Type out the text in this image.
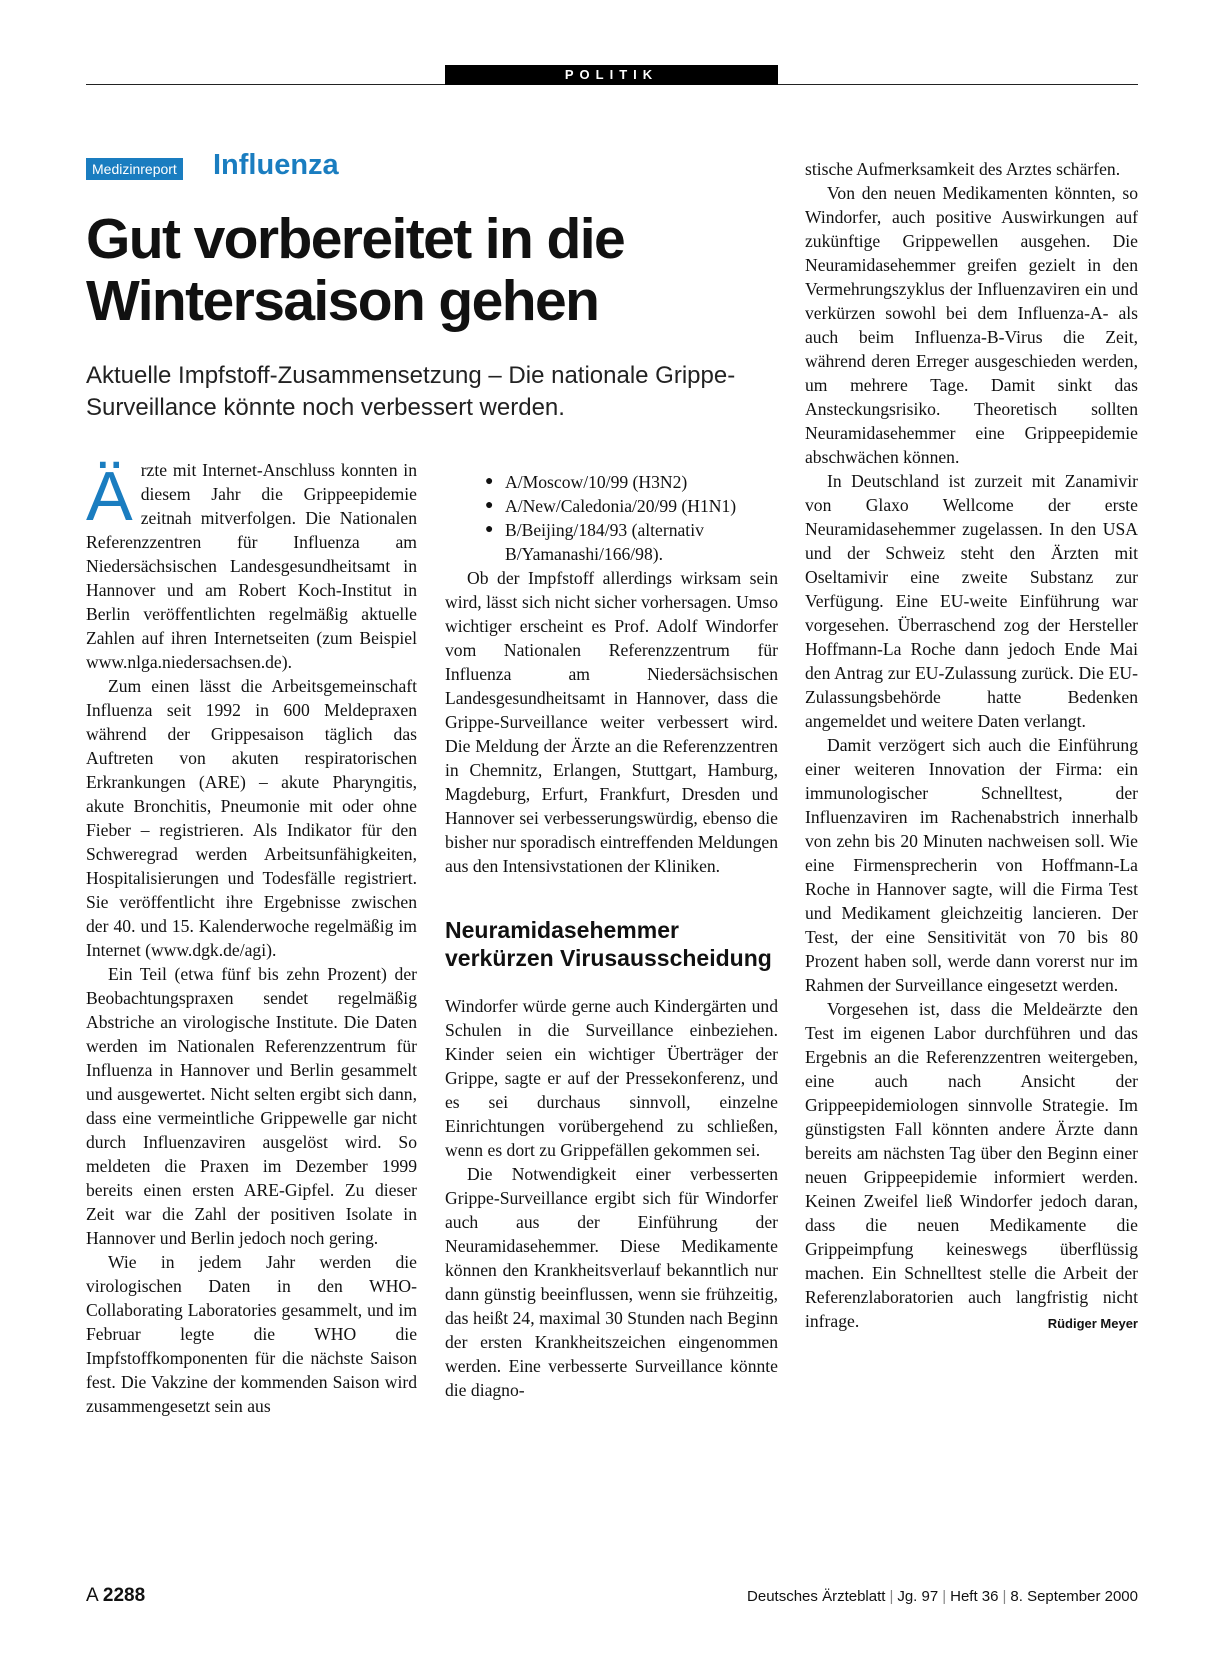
POLITIK
Medizinreport Influenza
Gut vorbereitet in die Wintersaison gehen

Aktuelle Impfstoff-Zusammensetzung – Die nationale Grippe-Surveillance könnte noch verbessert werden.

Ärzte mit Internet-Anschluss konnten in diesem Jahr die Grippeepidemie zeitnah mitverfolgen. Die Nationalen Referenzzentren für Influenza am Niedersächsischen Landesgesundheitsamt in Hannover und am Robert Koch-Institut in Berlin veröffentlichten regelmäßig aktuelle Zahlen auf ihren Internetseiten (zum Beispiel www.nlga.niedersachsen.de).

Zum einen lässt die Arbeitsgemeinschaft Influenza seit 1992 in 600 Meldepraxen während der Grippesaison täglich das Auftreten von akuten respiratorischen Erkrankungen (ARE) – akute Pharyngitis, akute Bronchitis, Pneumonie mit oder ohne Fieber – registrieren. Als Indikator für den Schweregrad werden Arbeitsunfähigkeiten, Hospitalisierungen und Todesfälle registriert. Sie veröffentlicht ihre Ergebnisse zwischen der 40. und 15. Kalenderwoche regelmäßig im Internet (www.dgk.de/agi).

Ein Teil (etwa fünf bis zehn Prozent) der Beobachtungspraxen sendet regelmäßig Abstriche an virologische Institute. Die Daten werden im Nationalen Referenzzentrum für Influenza in Hannover und Berlin gesammelt und ausgewertet. Nicht selten ergibt sich dann, dass eine vermeintliche Grippewelle gar nicht durch Influenzaviren ausgelöst wird. So meldeten die Praxen im Dezember 1999 bereits einen ersten ARE-Gipfel. Zu dieser Zeit war die Zahl der positiven Isolate in Hannover und Berlin jedoch noch gering.

Wie in jedem Jahr werden die virologischen Daten in den WHO-Collaborating Laboratories gesammelt, und im Februar legte die WHO die Impfstoffkomponenten für die nächste Saison fest. Die Vakzine der kommenden Saison wird zusammengesetzt sein aus

● A/Moscow/10/99 (H3N2)
● A/New/Caledonia/20/99 (H1N1)
● B/Beijing/184/93 (alternativ B/Yamanashi/166/98).

Ob der Impfstoff allerdings wirksam sein wird, lässt sich nicht sicher vorhersagen. Umso wichtiger erscheint es Prof. Adolf Windorfer vom Nationalen Referenzzentrum für Influenza am Niedersächsischen Landesgesundheitsamt in Hannover, dass die Grippe-Surveillance weiter verbessert wird. Die Meldung der Ärzte an die Referenzzentren in Chemnitz, Erlangen, Stuttgart, Hamburg, Magdeburg, Erfurt, Frankfurt, Dresden und Hannover sei verbesserungswürdig, ebenso die bisher nur sporadisch eintreffenden Meldungen aus den Intensivstationen der Kliniken.

Neuramidasehemmer verkürzen Virusausscheidung

Windorfer würde gerne auch Kindergärten und Schulen in die Surveillance einbeziehen. Kinder seien ein wichtiger Überträger der Grippe, sagte er auf der Pressekonferenz, und es sei durchaus sinnvoll, einzelne Einrichtungen vorübergehend zu schließen, wenn es dort zu Grippefällen gekommen sei.

Die Notwendigkeit einer verbesserten Grippe-Surveillance ergibt sich für Windorfer auch aus der Einführung der Neuramidasehemmer. Diese Medikamente können den Krankheitsverlauf bekanntlich nur dann günstig beeinflussen, wenn sie frühzeitig, das heißt 24, maximal 30 Stunden nach Beginn der ersten Krankheitszeichen eingenommen werden. Eine verbesserte Surveillance könnte die diagno-

stische Aufmerksamkeit des Arztes schärfen.

Von den neuen Medikamenten könnten, so Windorfer, auch positive Auswirkungen auf zukünftige Grippewellen ausgehen. Die Neuramidasehemmer greifen gezielt in den Vermehrungszyklus der Influenzaviren ein und verkürzen sowohl bei dem Influenza-A- als auch beim Influenza-B-Virus die Zeit, während deren Erreger ausgeschieden werden, um mehrere Tage. Damit sinkt das Ansteckungsrisiko. Theoretisch sollten Neuramidasehemmer eine Grippeepidemie abschwächen können.

In Deutschland ist zurzeit mit Zanamivir von Glaxo Wellcome der erste Neuramidasehemmer zugelassen. In den USA und der Schweiz steht den Ärzten mit Oseltamivir eine zweite Substanz zur Verfügung. Eine EU-weite Einführung war vorgesehen. Überraschend zog der Hersteller Hoffmann-La Roche dann jedoch Ende Mai den Antrag zur EU-Zulassung zurück. Die EU-Zulassungsbehörde hatte Bedenken angemeldet und weitere Daten verlangt.

Damit verzögert sich auch die Einführung einer weiteren Innovation der Firma: ein immunologischer Schnelltest, der Influenzaviren im Rachenabstrich innerhalb von zehn bis 20 Minuten nachweisen soll. Wie eine Firmensprecherin von Hoffmann-La Roche in Hannover sagte, will die Firma Test und Medikament gleichzeitig lancieren. Der Test, der eine Sensitivität von 70 bis 80 Prozent haben soll, werde dann vorerst nur im Rahmen der Surveillance eingesetzt werden.

Vorgesehen ist, dass die Meldeärzte den Test im eigenen Labor durchführen und das Ergebnis an die Referenzzentren weitergeben, eine auch nach Ansicht der Grippeepidemiologen sinnvolle Strategie. Im günstigsten Fall könnten andere Ärzte dann bereits am nächsten Tag über den Beginn einer neuen Grippeepidemie informiert werden. Keinen Zweifel ließ Windorfer jedoch daran, dass die neuen Medikamente die Grippeimpfung keineswegs überflüssig machen. Ein Schnelltest stelle die Arbeit der Referenzlaboratorien auch langfristig nicht infrage.	Rüdiger Meyer

A 2288	Deutsches Ärzteblatt | Jg. 97 | Heft 36 | 8. September 2000
